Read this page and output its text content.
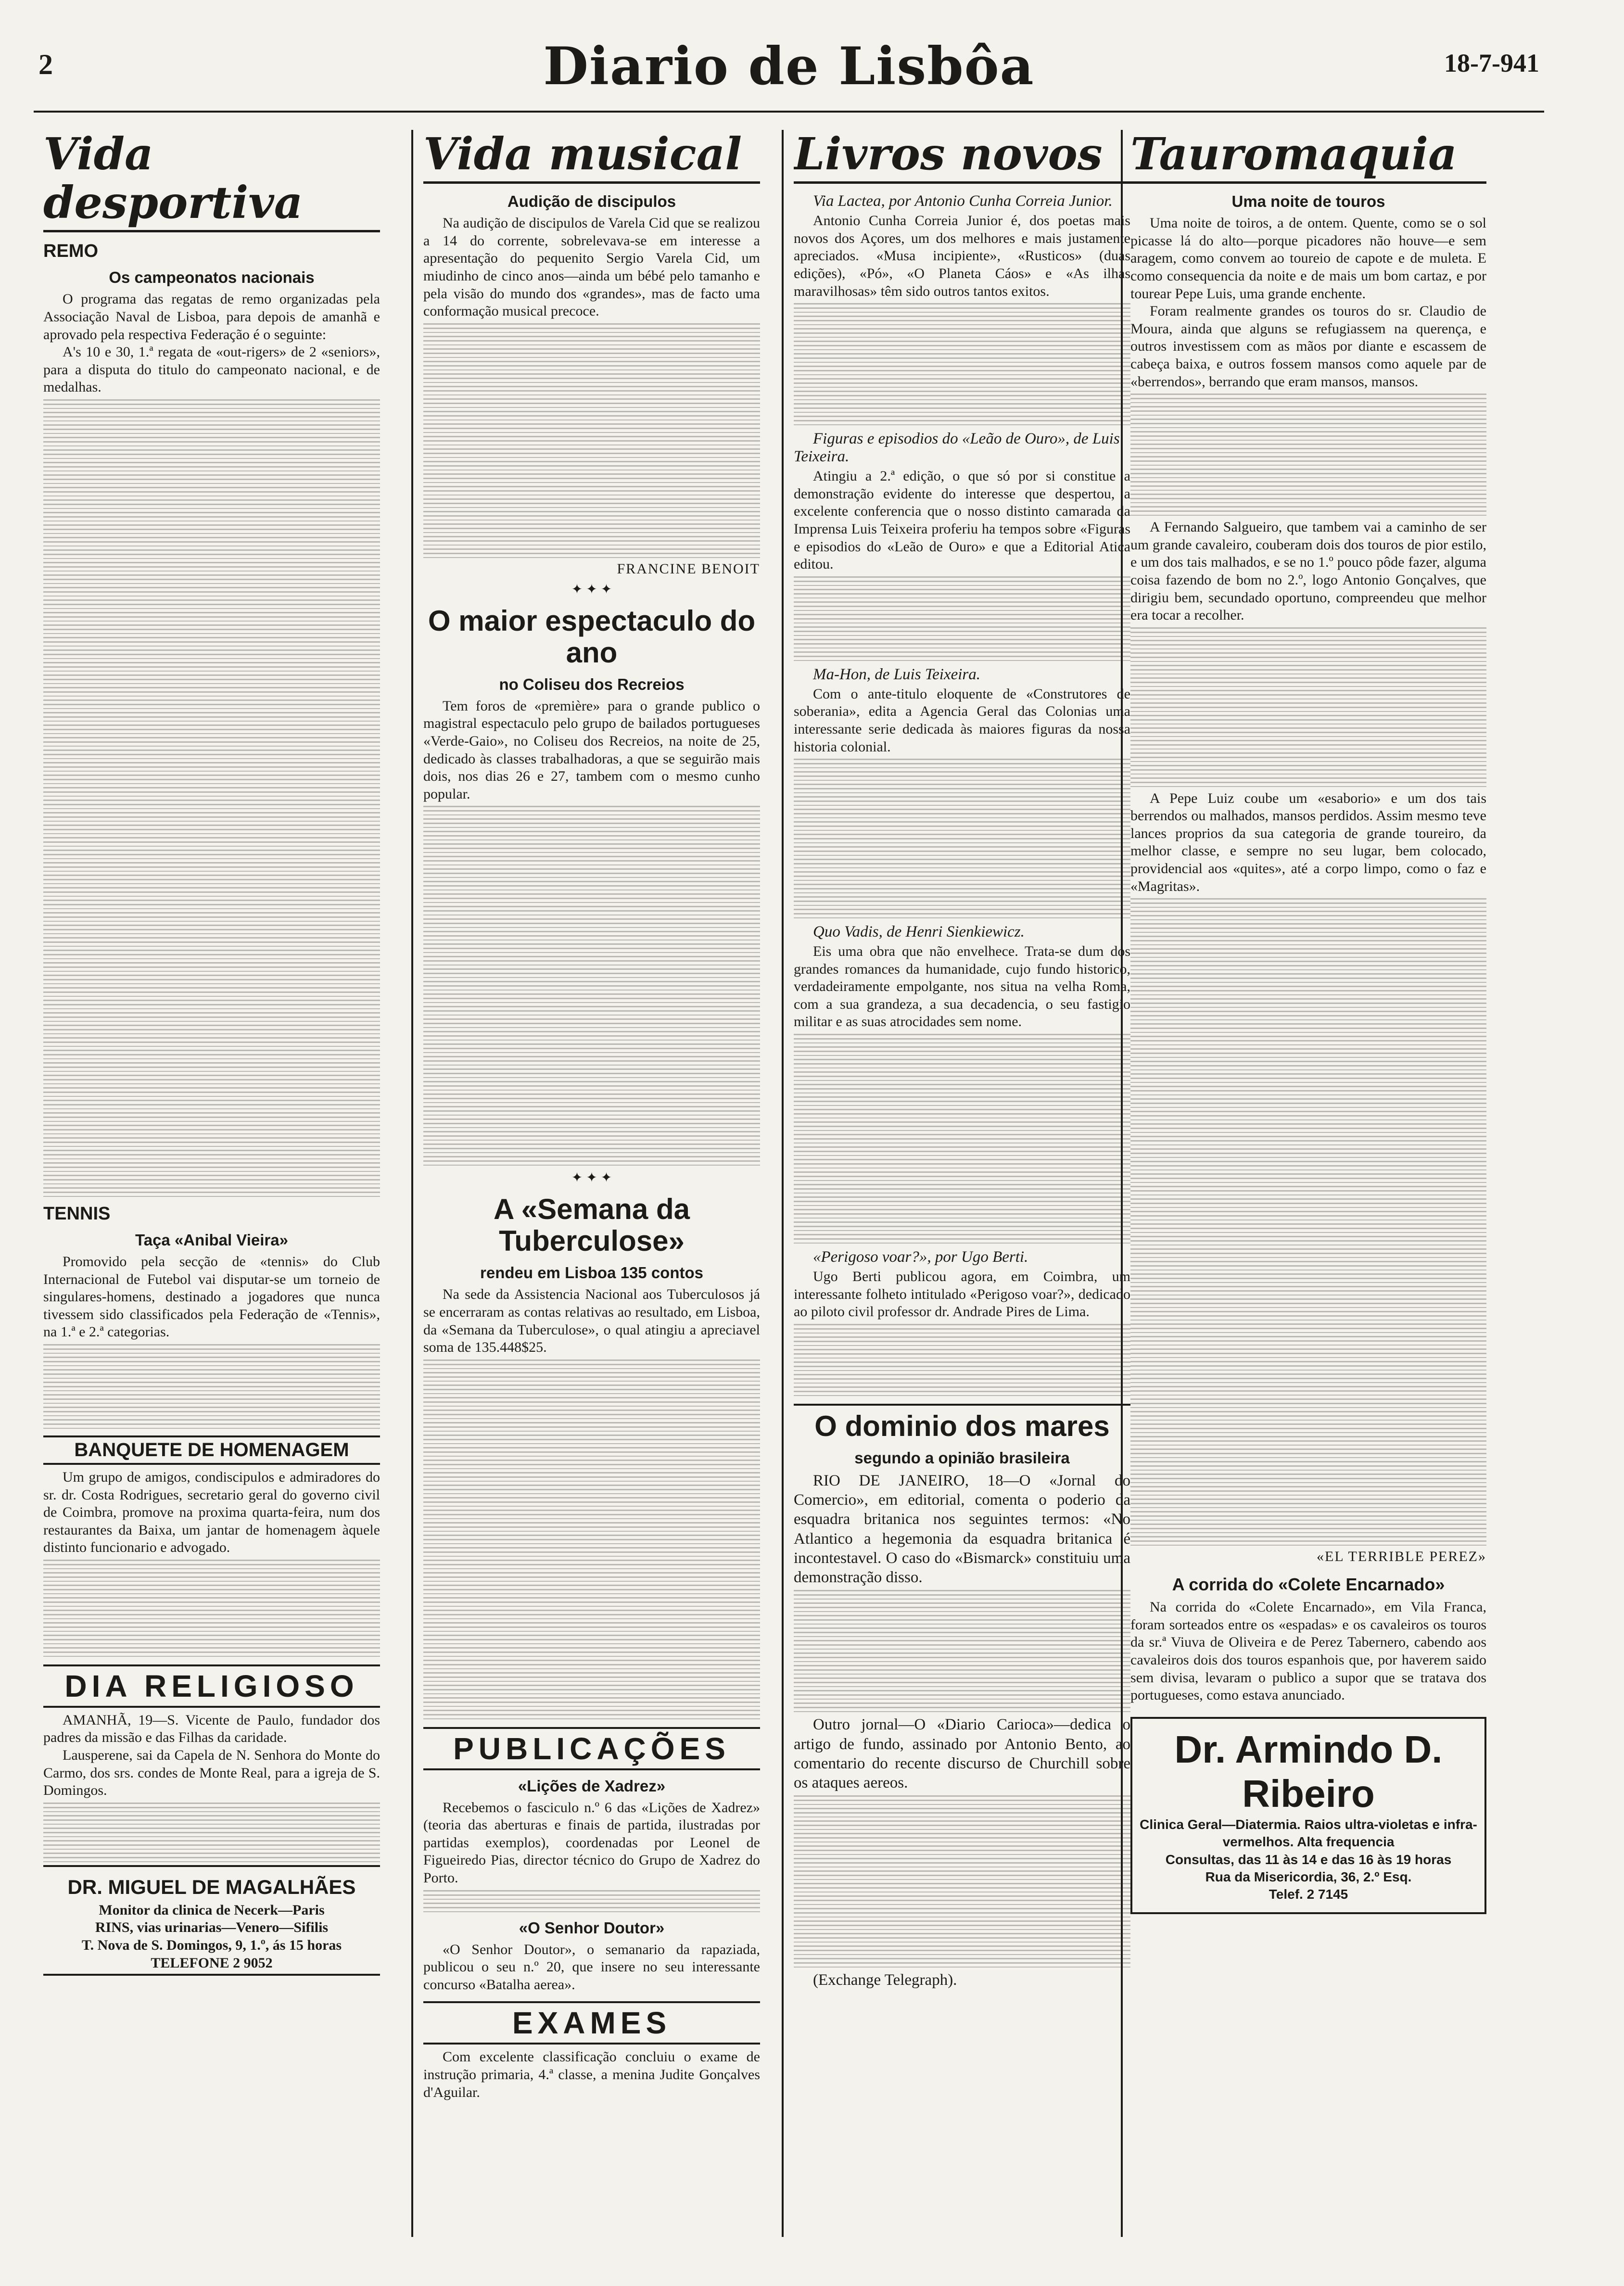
2	Diario de Lisbôa	18-7-941
Vida desportiva
REMO
Os campeonatos nacionais

O programa das regatas de remo organizadas pela Associação Naval de Lisboa, para depois de amanhã e aprovado pela respectiva Federação é o seguinte:

A's 10 e 30, 1.ª regata de «out-rigers» de 2 «seniors», para a disputa do titulo do campeonato nacional, e de medalhas.

TENNIS
Taça «Anibal Vieira»

Promovido pela secção de «tennis» do Club Internacional de Futebol vai disputar-se um torneio de singulares-homens, destinado a jogadores que nunca tivessem sido classificados pela Federação de «Tennis», na 1.ª e 2.ª categorias.

BANQUETE DE HOMENAGEM

Um grupo de amigos, condiscipulos e admiradores do sr. dr. Costa Rodrigues, secretario geral do governo civil de Coimbra, promove na proxima quarta-feira, num dos restaurantes da Baixa, um jantar de homenagem àquele distinto funcionario e advogado.

DIA RELIGIOSO

AMANHÃ, 19—S. Vicente de Paulo, fundador dos padres da missão e das Filhas da caridade.

Lausperene, sai da Capela de N. Senhora do Monte do Carmo, dos srs. condes de Monte Real, para a igreja de S. Domingos.

DR. MIGUEL DE MAGALHÃES
Monitor da clinica de Necerk—Paris
RINS, vias urinarias—Venero—Sifilis
T. Nova de S. Domingos, 9, 1.º, ás 15 horas
TELEFONE 2 9052
Vida musical
Audição de discipulos

Na audição de discipulos de Varela Cid que se realizou a 14 do corrente, sobrelevava-se em interesse a apresentação do pequenito Sergio Varela Cid, um miudinho de cinco anos—ainda um bébé pelo tamanho e pela visão do mundo dos «grandes», mas de facto uma conformação musical precoce.

FRANCINE BENOIT
✦ ✦ ✦
O maior espectaculo do ano
no Coliseu dos Recreios

Tem foros de «première» para o grande publico o magistral espectaculo pelo grupo de bailados portugueses «Verde-Gaio», no Coliseu dos Recreios, na noite de 25, dedicado às classes trabalhadoras, a que se seguirão mais dois, nos dias 26 e 27, tambem com o mesmo cunho popular.

✦ ✦ ✦
A «Semana da Tuberculose»
rendeu em Lisboa 135 contos

Na sede da Assistencia Nacional aos Tuberculosos já se encerraram as contas relativas ao resultado, em Lisboa, da «Semana da Tuberculose», o qual atingiu a apreciavel soma de 135.448$25.

PUBLICAÇÕES
«Lições de Xadrez»

Recebemos o fasciculo n.º 6 das «Lições de Xadrez» (teoria das aberturas e finais de partida, ilustradas por partidas exemplos), coordenadas por Leonel de Figueiredo Pias, director técnico do Grupo de Xadrez do Porto.

«O Senhor Doutor»

«O Senhor Doutor», o semanario da rapaziada, publicou o seu n.º 20, que insere no seu interessante concurso «Batalha aerea».

EXAMES

Com excelente classificação concluiu o exame de instrução primaria, 4.ª classe, a menina Judite Gonçalves d'Aguilar.

Livros novos
Via Lactea, por Antonio Cunha Correia Junior.

Antonio Cunha Correia Junior é, dos poetas mais novos dos Açores, um dos melhores e mais justamente apreciados. «Musa incipiente», «Rusticos» (duas edições), «Pó», «O Planeta Cáos» e «As ilhas maravilhosas» têm sido outros tantos exitos.

Figuras e episodios do «Leão de Ouro», de Luis Teixeira.

Atingiu a 2.ª edição, o que só por si constitue a demonstração evidente do interesse que despertou, a excelente conferencia que o nosso distinto camarada da Imprensa Luis Teixeira proferiu ha tempos sobre «Figuras e episodios do «Leão de Ouro» e que a Editorial Atica editou.

Ma-Hon, de Luis Teixeira.

Com o ante-titulo eloquente de «Construtores de soberania», edita a Agencia Geral das Colonias uma interessante serie dedicada às maiores figuras da nossa historia colonial.

Quo Vadis, de Henri Sienkiewicz.

Eis uma obra que não envelhece. Trata-se dum dos grandes romances da humanidade, cujo fundo historico, verdadeiramente empolgante, nos situa na velha Roma, com a sua grandeza, a sua decadencia, o seu fastigio militar e as suas atrocidades sem nome.

«Perigoso voar?», por Ugo Berti.

Ugo Berti publicou agora, em Coimbra, um interessante folheto intitulado «Perigoso voar?», dedicado ao piloto civil professor dr. Andrade Pires de Lima.

O dominio dos mares
segundo a opinião brasileira

RIO DE JANEIRO, 18—O «Jornal do Comercio», em editorial, comenta o poderio da esquadra britanica nos seguintes termos: «No Atlantico a hegemonia da esquadra britanica é incontestavel. O caso do «Bismarck» constituiu uma demonstração disso.

Outro jornal—O «Diario Carioca»—dedica o artigo de fundo, assinado por Antonio Bento, ao comentario do recente discurso de Churchill sobre os ataques aereos.

(Exchange Telegraph).

Tauromaquia
Uma noite de touros

Uma noite de toiros, a de ontem. Quente, como se o sol picasse lá do alto—porque picadores não houve—e sem aragem, como convem ao toureio de capote e de muleta. E como consequencia da noite e de mais um bom cartaz, e por tourear Pepe Luis, uma grande enchente.

Foram realmente grandes os touros do sr. Claudio de Moura, ainda que alguns se refugiassem na querença, e outros investissem com as mãos por diante e escassem de cabeça baixa, e outros fossem mansos como aquele par de «berrendos», berrando que eram mansos, mansos.

A Fernando Salgueiro, que tambem vai a caminho de ser um grande cavaleiro, couberam dois dos touros de pior estilo, e um dos tais malhados, e se no 1.º pouco pôde fazer, alguma coisa fazendo de bom no 2.º, logo Antonio Gonçalves, que dirigiu bem, secundado oportuno, compreendeu que melhor era tocar a recolher.

A Pepe Luiz coube um «esaborio» e um dos tais berrendos ou malhados, mansos perdidos. Assim mesmo teve lances proprios da sua categoria de grande toureiro, da melhor classe, e sempre no seu lugar, bem colocado, providencial aos «quites», até a corpo limpo, como o faz e «Magritas».

«EL TERRIBLE PEREZ»
A corrida do «Colete Encarnado»

Na corrida do «Colete Encarnado», em Vila Franca, foram sorteados entre os «espadas» e os cavaleiros os touros da sr.ª Viuva de Oliveira e de Perez Tabernero, cabendo aos cavaleiros dois dos touros espanhois que, por haverem saido sem divisa, levaram o publico a supor que se tratava dos portugueses, como estava anunciado.

Dr. Armindo D. Ribeiro
Clinica Geral—Diatermia. Raios ultra-violetas e infra-vermelhos. Alta frequencia
Consultas, das 11 às 14 e das 16 às 19 horas
Rua da Misericordia, 36, 2.º Esq.
Telef. 2 7145
